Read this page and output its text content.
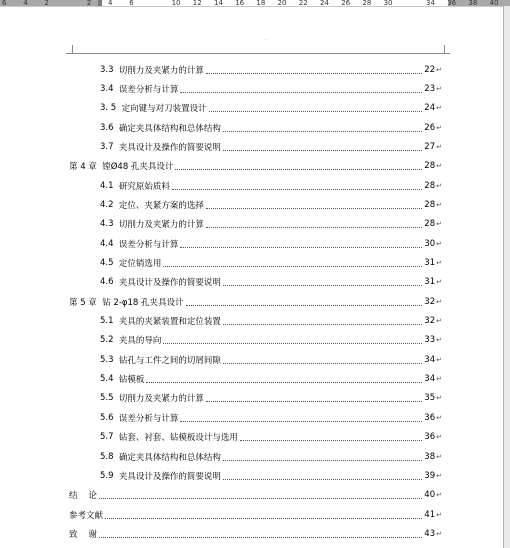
6 4 2	2 4 6	10 12 14 16 18 20 22 24 26 28 30	34 36 38 40
˙
3.3 切削力及夹紧力的计算	22 ↵
3.4 误差分析与计算	23 ↵
3. 5 定向键与对刀装置设计	24 ↵
3.6 确定夹具体结构和总体结构	26 ↵
3.7 夹具设计及操作的简要说明	27 ↵
第 4 章 镗Ø48 孔夹具设计	28 ↵
4.1 研究原始质料	28 ↵
4.2 定位、夹紧方案的选择	28 ↵
4.3 切削力及夹紧力的计算	28 ↵
4.4 误差分析与计算	30 ↵
4.5 定位销选用	31 ↵
4.6 夹具设计及操作的简要说明	31 ↵
第 5 章 钻 2-φ18 孔夹具设计	32 ↵
5.1 夹具的夹紧装置和定位装置	32 ↵
5.2 夹具的导向	33 ↵
5.3 钻孔与工件之间的切屑间隙	34 ↵
5.4 钻模板	34 ↵
5.5 切削力及夹紧力的计算	35 ↵
5.6 误差分析与计算	36 ↵
5.7 钻套、衬套、钻模板设计与选用	36 ↵
5.8 确定夹具体结构和总体结构	38 ↵
5.9 夹具设计及操作的简要说明	39 ↵
结 论	40 ↵
参考文献	41 ↵
致 谢	43 ↵
